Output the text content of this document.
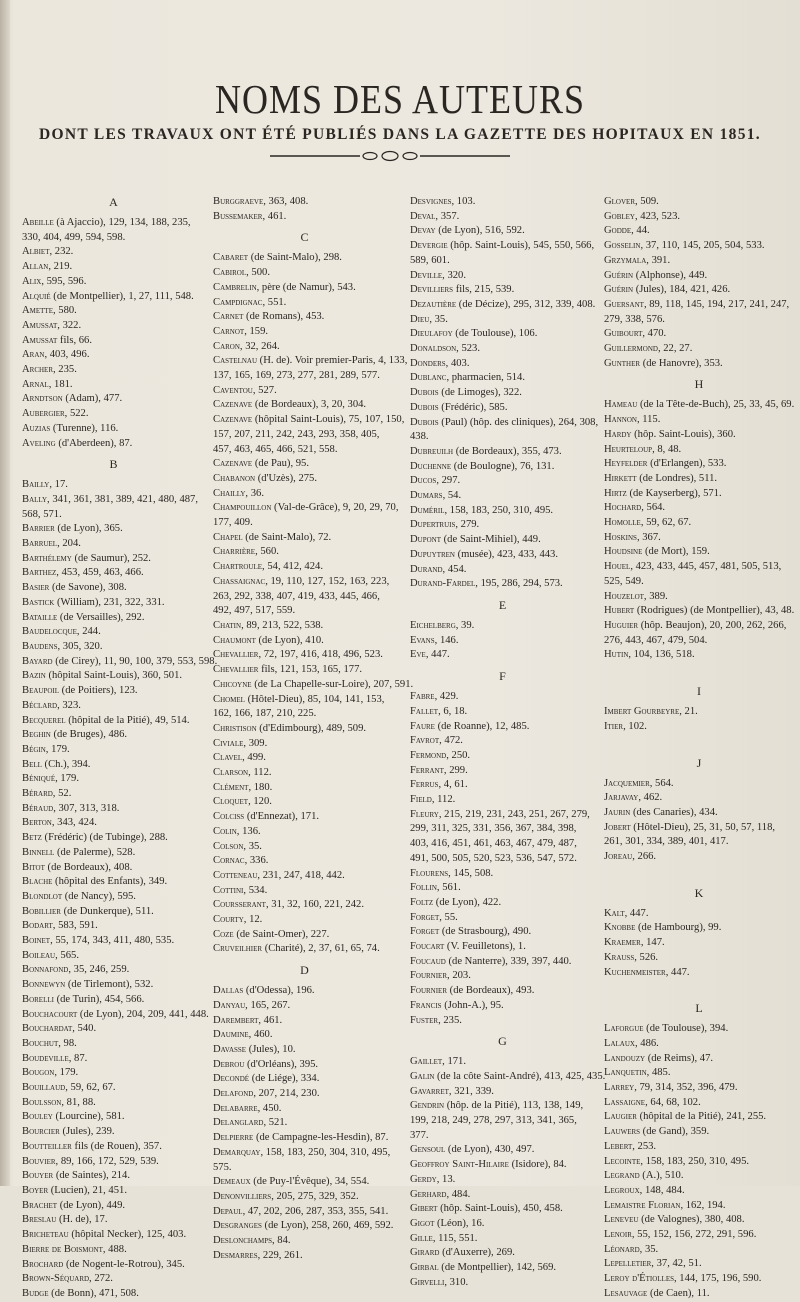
NOMS DES AUTEURS
DONT LES TRAVAUX ONT ÉTÉ PUBLIÉS DANS LA GAZETTE DES HOPITAUX EN 1851.
A
Abeille (à Ajaccio), 129, 134, 188, 235,
330, 404, 499, 594, 598.
Albiet, 232.
Allan, 219.
Alix, 595, 596.
Alquié (de Montpellier), 1, 27, 111, 548.
Amette, 580.
Amussat, 322.
Amussat fils, 66.
Aran, 403, 496.
Archer, 235.
Arnal, 181.
Arndtson (Adam), 477.
Aubergier, 522.
Auzias (Turenne), 116.
Aveling (d'Aberdeen), 87.
B
Bailly, 17.
Bally, 341, 361, 381, 389, 421, 480, 487,
568, 571.
Barrier (de Lyon), 365.
Barruel, 204.
Barthélemy (de Saumur), 252.
Barthez, 453, 459, 463, 466.
Basier (de Savone), 308.
Bastick (William), 231, 322, 331.
Bataille (de Versailles), 292.
Baudelocque, 244.
Baudens, 305, 320.
Bayard (de Cirey), 11, 90, 100, 379, 553, 598.
Bazin (hôpital Saint-Louis), 360, 501.
Beaupoil (de Poitiers), 123.
Béclard, 323.
Becquerel (hôpital de la Pitié), 49, 514.
Beghin (de Bruges), 486.
Bégin, 179.
Bell (Ch.), 394.
Béniqué, 179.
Bérard, 52.
Béraud, 307, 313, 318.
Berton, 343, 424.
Betz (Frédéric) (de Tubinge), 288.
Binnell (de Palerme), 528.
Bitot (de Bordeaux), 408.
Blache (hôpital des Enfants), 349.
Blondlot (de Nancy), 595.
Bobillier (de Dunkerque), 511.
Bodart, 583, 591.
Boinet, 55, 174, 343, 411, 480, 535.
Boileau, 565.
Bonnafond, 35, 246, 259.
Bonnewyn (de Tirlemont), 532.
Borelli (de Turin), 454, 566.
Bouchacourt (de Lyon), 204, 209, 441, 448.
Bouchardat, 540.
Bouchut, 98.
Boudeville, 87.
Bougon, 179.
Bouillaud, 59, 62, 67.
Boulsson, 81, 88.
Bouley (Lourcine), 581.
Bourcier (Jules), 239.
Boutteiller fils (de Rouen), 357.
Bouvier, 89, 166, 172, 529, 539.
Bouyer (de Saintes), 214.
Boyer (Lucien), 21, 451.
Brachet (de Lyon), 449.
Breslau (H. de), 17.
Bricheteau (hôpital Necker), 125, 403.
Bierre de Boismont, 488.
Brochard (de Nogent-le-Rotrou), 345.
Brown-Séquard, 272.
Budge (de Bonn), 471, 508.
Burggraeve, 363, 408.
Bussemaker, 461.
C
Cabaret (de Saint-Malo), 298.
Cabirol, 500.
Cambrelin, père (de Namur), 543.
Campdignac, 551.
Carnet (de Romans), 453.
Carnot, 159.
Caron, 32, 264.
Castelnau (H. de). Voir premier-Paris, 4, 133,
137, 165, 169, 273, 277, 281, 289, 577.
Caventou, 527.
Cazenave (de Bordeaux), 3, 20, 304.
Cazenave (hôpital Saint-Louis), 75, 107, 150,
157, 207, 211, 242, 243, 293, 358, 405,
457, 463, 465, 466, 521, 558.
Cazenave (de Pau), 95.
Chabanon (d'Uzès), 275.
Chailly, 36.
Champouillon (Val-de-Grâce), 9, 20, 29, 70,
177, 409.
Chapel (de Saint-Malo), 72.
Charrière, 560.
Chartroule, 54, 412, 424.
Chassaignac, 19, 110, 127, 152, 163, 223,
263, 292, 338, 407, 419, 433, 445, 466,
492, 497, 517, 559.
Chatin, 89, 213, 522, 538.
Chaumont (de Lyon), 410.
Chevallier, 72, 197, 416, 418, 496, 523.
Chevallier fils, 121, 153, 165, 177.
Chicoyne (de La Chapelle-sur-Loire), 207, 591.
Chomel (Hôtel-Dieu), 85, 104, 141, 153,
162, 166, 187, 210, 225.
Christison (d'Edimbourg), 489, 509.
Civiale, 309.
Clavel, 499.
Clarson, 112.
Clément, 180.
Cloquet, 120.
Colciss (d'Ennezat), 171.
Colin, 136.
Colson, 35.
Cornac, 336.
Cotteneau, 231, 247, 418, 442.
Cottini, 534.
Coursserant, 31, 32, 160, 221, 242.
Courty, 12.
Coze (de Saint-Omer), 227.
Cruveilhier (Charité), 2, 37, 61, 65, 74.
D
Dallas (d'Odessa), 196.
Danyau, 165, 267.
Darembert, 461.
Daumine, 460.
Davasse (Jules), 10.
Debrou (d'Orléans), 395.
Decondé (de Liége), 334.
Delafond, 207, 214, 230.
Delabarre, 450.
Delanglard, 521.
Delpierre (de Campagne-les-Hesdin), 87.
Demarquay, 158, 183, 250, 304, 310, 495,
575.
Demeaux (de Puy-l'Évêque), 34, 554.
Denonvilliers, 205, 275, 329, 352.
Depaul, 47, 202, 206, 287, 353, 355, 541.
Desgranges (de Lyon), 258, 260, 469, 592.
Deslonchamps, 84.
Desmarres, 229, 261.
Desvignes, 103.
Deval, 357.
Devay (de Lyon), 516, 592.
Devergie (hôp. Saint-Louis), 545, 550, 566,
589, 601.
Deville, 320.
Devilliers fils, 215, 539.
Dezautière (de Décize), 295, 312, 339, 408.
Dieu, 35.
Dieulafoy (de Toulouse), 106.
Donaldson, 523.
Donders, 403.
Dublanc, pharmacien, 514.
Dubois (de Limoges), 322.
Dubois (Frédéric), 585.
Dubois (Paul) (hôp. des cliniques), 264, 308,
438.
Dubreuilh (de Bordeaux), 355, 473.
Duchenne (de Boulogne), 76, 131.
Ducos, 297.
Dumars, 54.
Duméril, 158, 183, 250, 310, 495.
Dupertruis, 279.
Dupont (de Saint-Mihiel), 449.
Dupuytren (musée), 423, 433, 443.
Durand, 454.
Durand-Fardel, 195, 286, 294, 573.
E
Eichelberg, 39.
Evans, 146.
Eve, 447.
F
Fabre, 429.
Fallet, 6, 18.
Faure (de Roanne), 12, 485.
Favrot, 472.
Fermond, 250.
Ferrant, 299.
Ferrus, 4, 61.
Field, 112.
Fleury, 215, 219, 231, 243, 251, 267, 279,
299, 311, 325, 331, 356, 367, 384, 398,
403, 416, 451, 461, 463, 467, 479, 487,
491, 500, 505, 520, 523, 536, 547, 572.
Flourens, 145, 508.
Follin, 561.
Foltz (de Lyon), 422.
Forget, 55.
Forget (de Strasbourg), 490.
Foucart (V. Feuilletons), 1.
Foucaud (de Nanterre), 339, 397, 440.
Fournier, 203.
Fournier (de Bordeaux), 493.
Francis (John-A.), 95.
Fuster, 235.
G
Gaillet, 171.
Galin (de la côte Saint-André), 413, 425, 435.
Gavarret, 321, 339.
Gendrin (hôp. de la Pitié), 113, 138, 149,
199, 218, 249, 278, 297, 313, 341, 365,
377.
Gensoul (de Lyon), 430, 497.
Geoffroy Saint-Hilaire (Isidore), 84.
Gerdy, 13.
Gerhard, 484.
Gibert (hôp. Saint-Louis), 450, 458.
Gigot (Léon), 16.
Gille, 115, 551.
Girard (d'Auxerre), 269.
Girbal (de Montpellier), 142, 569.
Girvelli, 310.
Glover, 509.
Gobley, 423, 523.
Godde, 44.
Gosselin, 37, 110, 145, 205, 504, 533.
Grzymala, 391.
Guérin (Alphonse), 449.
Guérin (Jules), 184, 421, 426.
Guersant, 89, 118, 145, 194, 217, 241, 247,
279, 338, 576.
Guibourt, 470.
Guillermond, 22, 27.
Gunther (de Hanovre), 353.
H
Hameau (de la Tête-de-Buch), 25, 33, 45, 69.
Hannon, 115.
Hardy (hôp. Saint-Louis), 360.
Heurteloup, 8, 48.
Heyfelder (d'Erlangen), 533.
Hirkett (de Londres), 511.
Hirtz (de Kayserberg), 571.
Hochard, 564.
Homolle, 59, 62, 67.
Hoskins, 367.
Houdsine (de Mort), 159.
Houel, 423, 433, 445, 457, 481, 505, 513,
525, 549.
Houzelot, 389.
Hubert (Rodrigues) (de Montpellier), 43, 48.
Huguier (hôp. Beaujon), 20, 200, 262, 266,
276, 443, 467, 479, 504.
Hutin, 104, 136, 518.
I
Imbert Gourbeyre, 21.
Itier, 102.
J
Jacquemier, 564.
Jarjavay, 462.
Jaurin (des Canaries), 434.
Jobert (Hôtel-Dieu), 25, 31, 50, 57, 118,
261, 301, 334, 389, 401, 417.
Joreau, 266.
K
Kalt, 447.
Knobbe (de Hambourg), 99.
Kraemer, 147.
Krauss, 526.
Kuchenmeister, 447.
L
Laforgue (de Toulouse), 394.
Lalaux, 486.
Landouzy (de Reims), 47.
Lanquetin, 485.
Larrey, 79, 314, 352, 396, 479.
Lassaigne, 64, 68, 102.
Laugier (hôpital de la Pitié), 241, 255.
Lauwers (de Gand), 359.
Lebert, 253.
Lecointe, 158, 183, 250, 310, 495.
Legrand (A.), 510.
Legroux, 148, 484.
Lemaistre Florian, 162, 194.
Leneveu (de Valognes), 380, 408.
Lenoir, 55, 152, 156, 272, 291, 596.
Léonard, 35.
Lepelletier, 37, 42, 51.
Leroy d'Étiolles, 144, 175, 196, 590.
Lesauvage (de Caen), 11.
